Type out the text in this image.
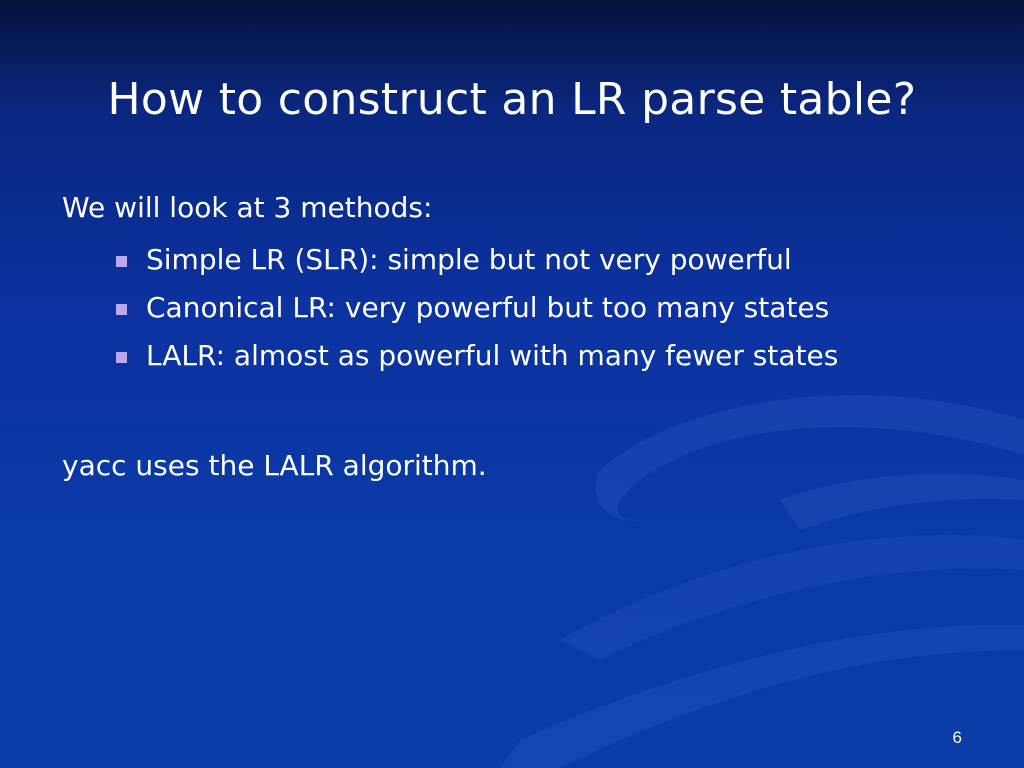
How to construct an LR parse table?

We will look at 3 methods:

Simple LR (SLR): simple but not very powerful
Canonical LR: very powerful but too many states
LALR: almost as powerful with many fewer states

yacc uses the LALR algorithm.

6
